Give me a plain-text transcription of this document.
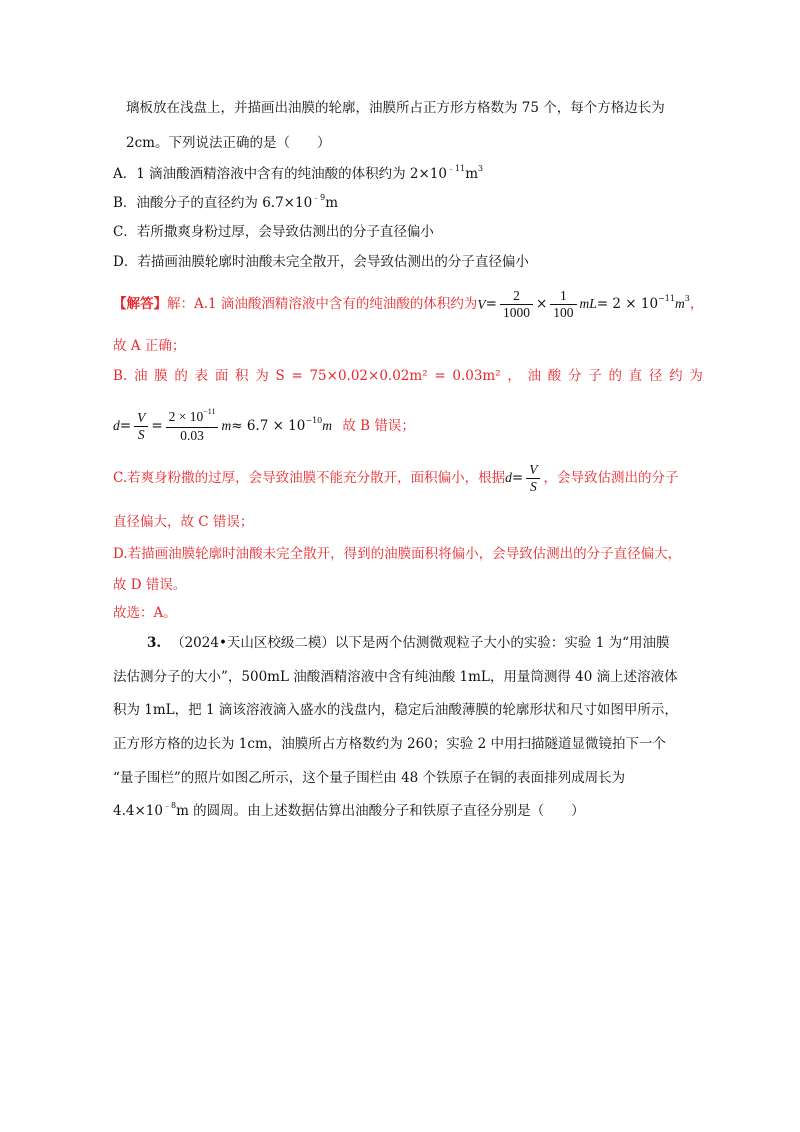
璃板放在浅盘上，并描画出油膜的轮廓，油膜所占正方形方格数为 75 个，每个方格边长为
2cm。下列说法正确的是（　　）
A．1 滴油酸酒精溶液中含有的纯油酸的体积约为 $2\times 10^{﹣11}m^3$
B．油酸分子的直径约为 $6.7\times 10^{﹣9}m$
C．若所撒爽身粉过厚，会导致估测出的分子直径偏小
D．若描画油膜轮廓时油酸未完全散开，会导致估测出的分子直径偏小
【解答】解：A.1 滴油酸酒精溶液中含有的纯油酸的体积约为$V= \frac{2}{1000} \times \frac{1}{100} mL= 2 \times 10^{-11}m^3$，
故 A 正确；
B. 油 膜 的 表 面 积 为 S = 75×0.02×0.02m² = 0.03m² ， 油 酸 分 子 的 直 径 约 为
$d= \frac{V}{S} = \frac{2 \times 10^{-11}}{0.03} m\approx 6.7 \times 10^{-10}m$ 故 B 错误；
C.若爽身粉撒的过厚，会导致油膜不能充分散开，面积偏小，根据$d= \frac{V}{S}$ ，会导致估测出的分子
直径偏大，故 C 错误；
D.若描画油膜轮廓时油酸未完全散开，得到的油膜面积将偏小，会导致估测出的分子直径偏大，
故 D 错误。
故选：A。
3. （2024•天山区校级二模）以下是两个估测微观粒子大小的实验：实验 1 为“用油膜
法估测分子的大小”，500mL 油酸酒精溶液中含有纯油酸 1mL，用量筒测得 40 滴上述溶液体
积为 1mL，把 1 滴该溶液滴入盛水的浅盘内，稳定后油酸薄膜的轮廓形状和尺寸如图甲所示，
正方形方格的边长为 1cm，油膜所占方格数约为 260；实验 2 中用扫描隧道显微镜拍下一个
“量子围栏”的照片如图乙所示，这个量子围栏由 48 个铁原子在铜的表面排列成周长为
$4.4\times 10^{﹣8}m$ 的圆周。由上述数据估算出油酸分子和铁原子直径分别是（　　）
